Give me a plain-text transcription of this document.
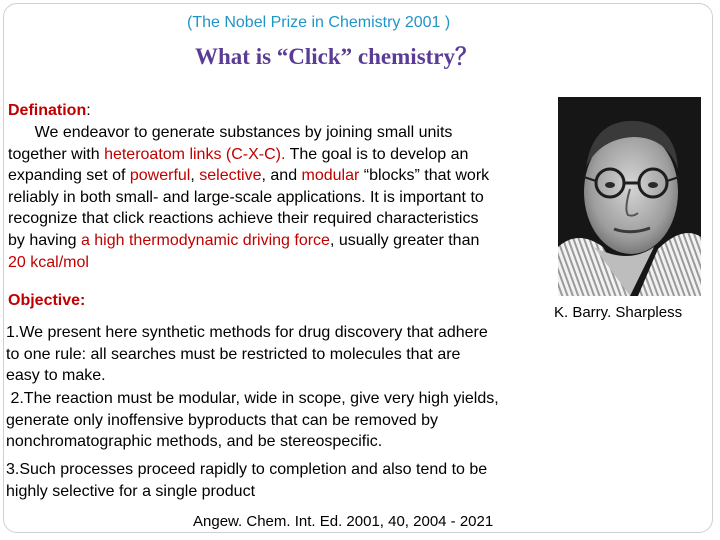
(The Nobel Prize in Chemistry 2001 )

What is “Click” chemistry？

Defination:

We endeavor to generate substances by joining small units
together with heteroatom links (C-X-C). The goal is to develop an
expanding set of powerful, selective, and modular “blocks” that work
reliably in both small- and large-scale applications. It is important to
recognize that click reactions achieve their required characteristics
by having a high thermodynamic driving force, usually greater than
20 kcal/mol

Objective:

1.We present here synthetic methods for drug discovery that adhere
to one rule: all searches must be restricted to molecules that are
easy to make.
2.The reaction must be modular, wide in scope, give very high yields,
generate only inoffensive byproducts that can be removed by
nonchromatographic methods, and be stereospecific.
3.Such processes proceed rapidly to completion and also tend to be
highly selective for a single product

K. Barry. Sharpless

Angew. Chem. Int. Ed. 2001, 40, 2004 - 2021
